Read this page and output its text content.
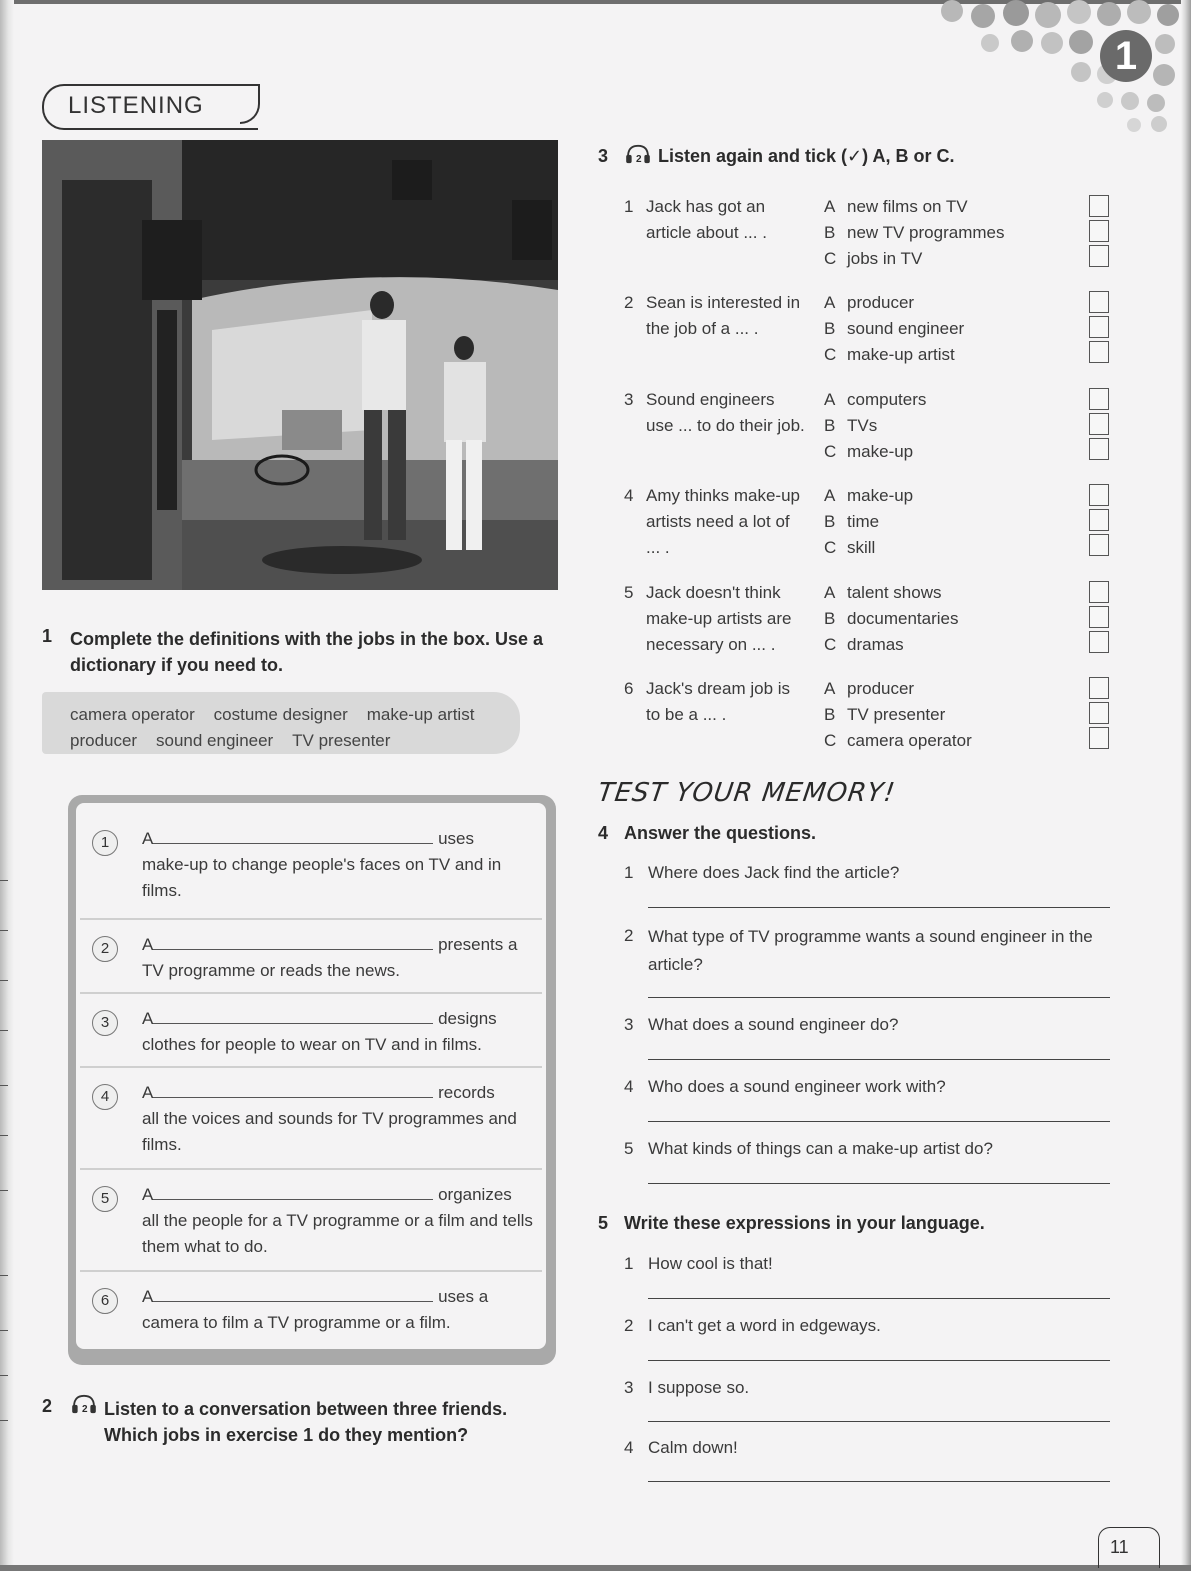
1
LISTENING
1 Complete the definitions with the jobs in the box. Use a dictionary if you need to.
camera operator costume designer make-up artist
producer sound engineer TV presenter
1	A	uses
make-up to change people's faces on TV and in films.
2	A	presents a
TV programme or reads the news.
3	A	designs
clothes for people to wear on TV and in films.
4	A	records
all the voices and sounds for TV programmes and films.
5	A	organizes
all the people for a TV programme or a film and tells them what to do.
6	A	uses a
camera to film a TV programme or a film.
2	2 Listen to a conversation between three friends. Which jobs in exercise 1 do they mention?
3	2 Listen again and tick (✓) A, B or C.
1 Jack has got an article about ... .
A new films on TV
B new TV programmes
C jobs in TV
2 Sean is interested in the job of a ... .
A producer
B sound engineer
C make-up artist
3 Sound engineers use ... to do their job.
A computers
B TVs
C make-up
4 Amy thinks make-up artists need a lot of ... .
A make-up
B time
C skill
5 Jack doesn't think make-up artists are necessary on ... .
A talent shows
B documentaries
C dramas
6 Jack's dream job is to be a ... .
A producer
B TV presenter
C camera operator
TEST YOUR MEMORY!
4 Answer the questions.
1 Where does Jack find the article?
2 What type of TV programme wants a sound engineer in the article?
3 What does a sound engineer do?
4 Who does a sound engineer work with?
5 What kinds of things can a make-up artist do?
5 Write these expressions in your language.
1 How cool is that!
2 I can't get a word in edgeways.
3 I suppose so.
4 Calm down!
11
